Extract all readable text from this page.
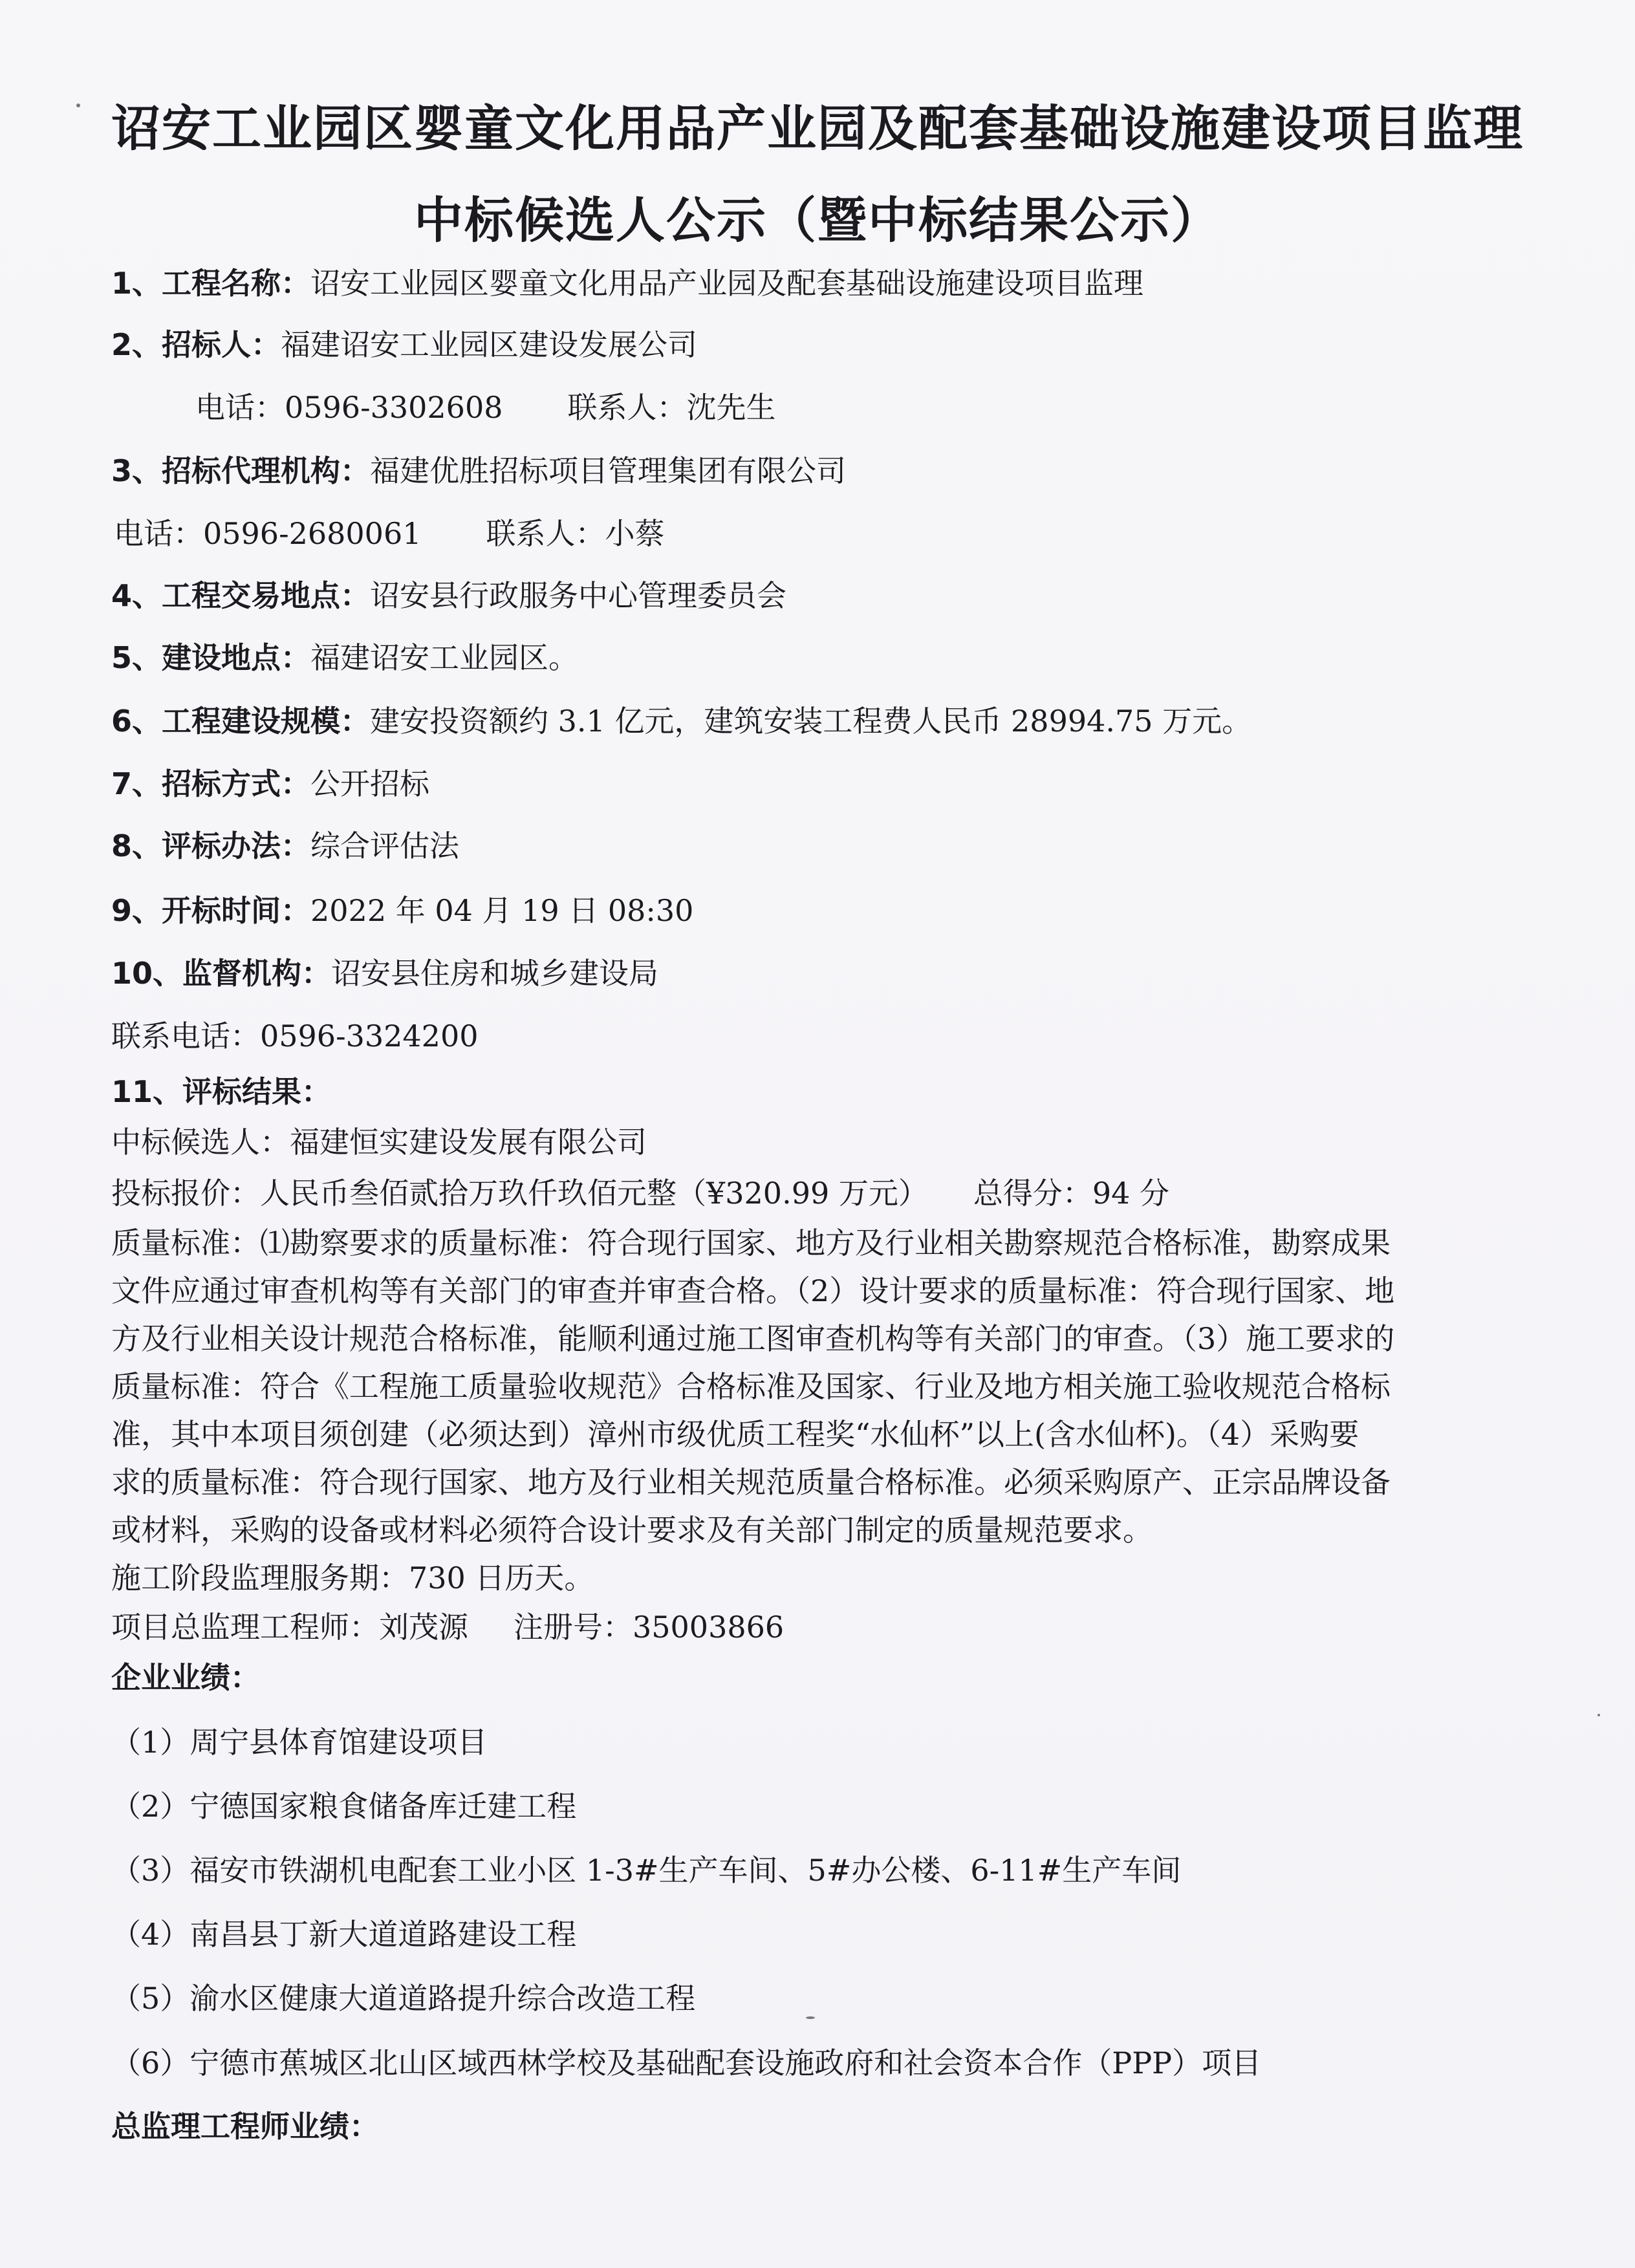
诏安工业园区婴童文化用品产业园及配套基础设施建设项目监理
中标候选人公示（暨中标结果公示）
1、工程名称：诏安工业园区婴童文化用品产业园及配套基础设施建设项目监理
2、招标人：福建诏安工业园区建设发展公司
电话：0596-3302608 联系人：沈先生
3、招标代理机构：福建优胜招标项目管理集团有限公司
电话：0596-2680061 联系人：小蔡
4、工程交易地点：诏安县行政服务中心管理委员会
5、建设地点：福建诏安工业园区。
6、工程建设规模：建安投资额约 3.1 亿元，建筑安装工程费人民币 28994.75 万元。
7、招标方式：公开招标
8、评标办法：综合评估法
9、开标时间：2022 年 04 月 19 日 08:30
10、监督机构：诏安县住房和城乡建设局
联系电话：0596-3324200
11、评标结果：
中标候选人：福建恒实建设发展有限公司
投标报价：人民币叁佰贰拾万玖仟玖佰元整（¥320.99 万元） 总得分：94 分
质量标准：⑴勘察要求的质量标准：符合现行国家、地方及行业相关勘察规范合格标准，勘察成果
文件应通过审查机构等有关部门的审查并审查合格。（2）设计要求的质量标准：符合现行国家、地
方及行业相关设计规范合格标准，能顺利通过施工图审查机构等有关部门的审查。（3）施工要求的
质量标准：符合《工程施工质量验收规范》合格标准及国家、行业及地方相关施工验收规范合格标
准，其中本项目须创建（必须达到）漳州市级优质工程奖“水仙杯”以上(含水仙杯)。（4）采购要
求的质量标准：符合现行国家、地方及行业相关规范质量合格标准。必须采购原产、正宗品牌设备
或材料，采购的设备或材料必须符合设计要求及有关部门制定的质量规范要求。
施工阶段监理服务期：730 日历天。
项目总监理工程师：刘茂源 注册号：35003866
企业业绩：
（1）周宁县体育馆建设项目
（2）宁德国家粮食储备库迁建工程
（3）福安市铁湖机电配套工业小区 1-3#生产车间、5#办公楼、6-11#生产车间
（4）南昌县丁新大道道路建设工程
（5）渝水区健康大道道路提升综合改造工程
（6）宁德市蕉城区北山区域西林学校及基础配套设施政府和社会资本合作（PPP）项目
总监理工程师业绩：
